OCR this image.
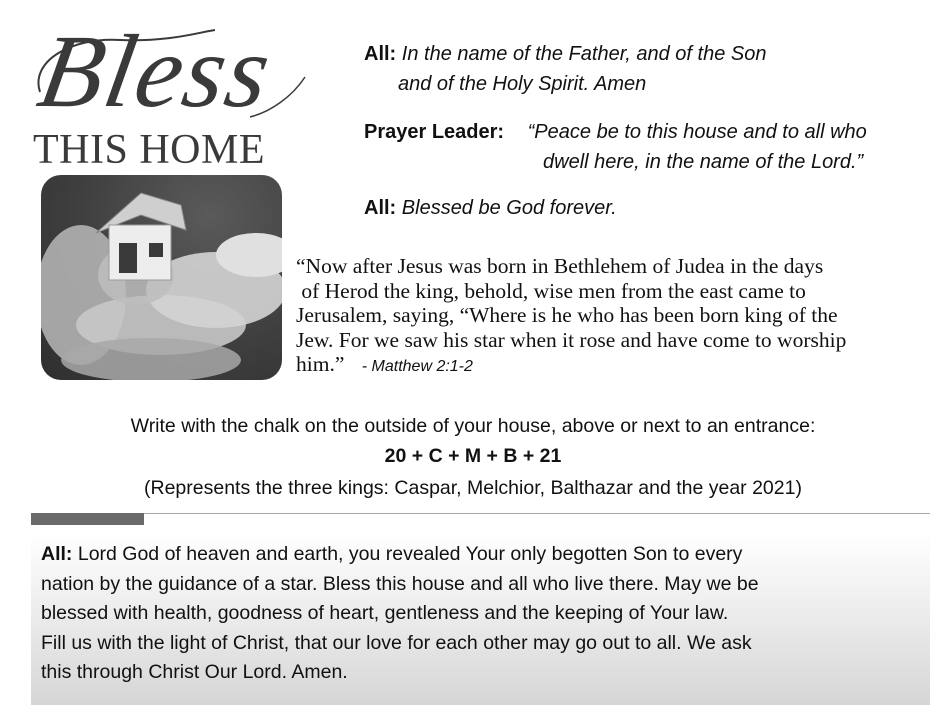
Bless
THIS HOME
All: In the name of the Father, and of the Son
and of the Holy Spirit. Amen
Prayer Leader: “Peace be to this house and to all who
dwell here, in the name of the Lord.”
All: Blessed be God forever.
“Now after Jesus was born in Bethlehem of Judea in the days
of Herod the king, behold, wise men from the east came to
Jerusalem, saying, “Where is he who has been born king of the
Jew. For we saw his star when it rose and have come to worship
him.” - Matthew 2:1-2
Write with the chalk on the outside of your house, above or next to an entrance:
20 + C + M + B + 21
(Represents the three kings: Caspar, Melchior, Balthazar and the year 2021)
All: Lord God of heaven and earth, you revealed Your only begotten Son to every
nation by the guidance of a star. Bless this house and all who live there. May we be
blessed with health, goodness of heart, gentleness and the keeping of Your law.
Fill us with the light of Christ, that our love for each other may go out to all. We ask
this through Christ Our Lord. Amen.
